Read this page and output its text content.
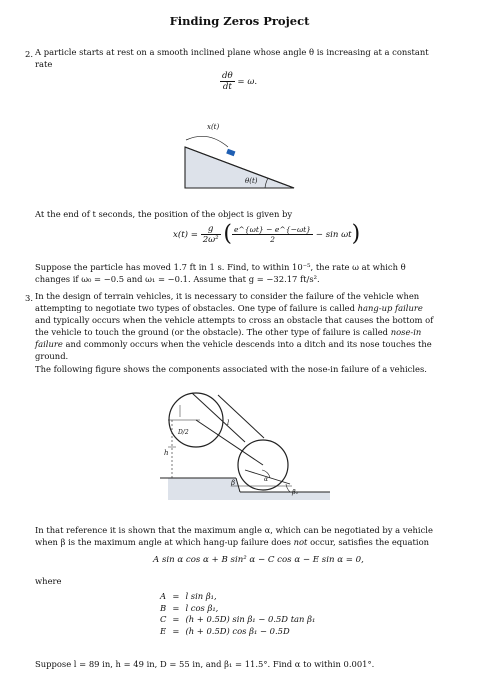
Finding Zeros Project
2. A particle starts at rest on a smooth inclined plane whose angle θ is increasing at a constant
rate
$\frac{d\theta}{dt} = \omega$.
x(t)
θ(t)
At the end of t seconds, the position of the object is given by
$x(t) = \frac{g}{\text{2ω²}}$ ( $\frac{e\^{}\{\omega t\} - e\^{}\{-\omega t\}}{2} - \sin \omega t$)
Suppose the particle has moved 1.7 ft in 1 s. Find, to within 10⁻⁵, the rate ω at which θ
changes if ω₀ = −0.5 and ω₁ = −0.1. Assume that g = −32.17 ft/s².
3. In the design of terrain vehicles, it is necessary to consider the failure of the vehicle when
attempting to negotiate two types of obstacles. One type of failure is called hang-up failure
and typically occurs when the vehicle attempts to cross an obstacle that causes the bottom of
the vehicle to touch the ground (or the obstacle). The other type of failure is called nose-in
failure and commonly occurs when the vehicle descends into a ditch and its nose touches the
ground.
The following figure shows the components associated with the nose-in failure of a vehicles.
D/2
h
l
α
β
β₁
In that reference it is shown that the maximum angle α, which can be negotiated by a vehicle
when β is the maximum angle at which hang-up failure does not occur, satisfies the equation
A sin α cos α + B sin² α − C cos α − E sin α = 0,
where
A	=	l sin β₁,
B	=	l cos β₁,
C	=	(h + 0.5D) sin β₁ − 0.5D tan β₁
E	=	(h + 0.5D) cos β₁ − 0.5D
Suppose l = 89 in, h = 49 in, D = 55 in, and β₁ = 11.5°. Find α to within 0.001°.
